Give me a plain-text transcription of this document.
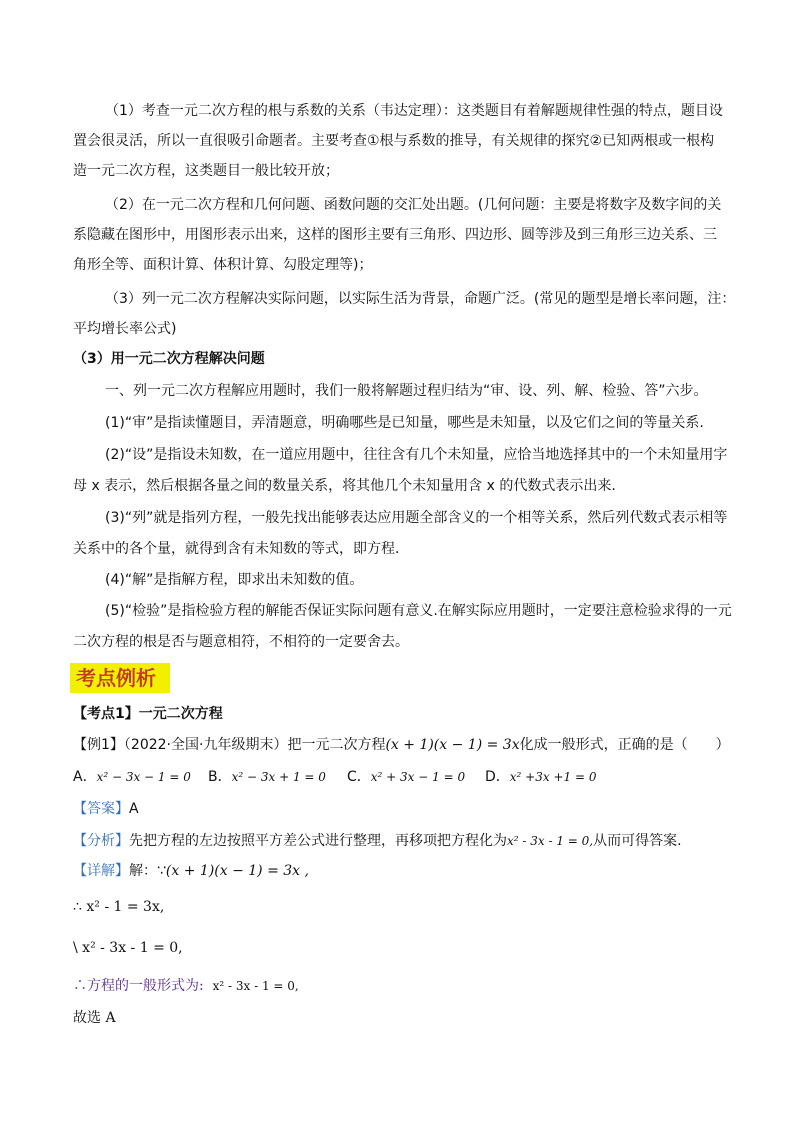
（1）考查一元二次方程的根与系数的关系（韦达定理）：这类题目有着解题规律性强的特点，题目设
置会很灵活，所以一直很吸引命题者。主要考查①根与系数的推导，有关规律的探究②已知两根或一根构
造一元二次方程，这类题目一般比较开放；
（2）在一元二次方程和几何问题、函数问题的交汇处出题。(几何问题：主要是将数字及数字间的关
系隐藏在图形中，用图形表示出来，这样的图形主要有三角形、四边形、圆等涉及到三角形三边关系、三
角形全等、面积计算、体积计算、勾股定理等)；
（3）列一元二次方程解决实际问题，以实际生活为背景，命题广泛。(常见的题型是增长率问题，注：
平均增长率公式)
（3）用一元二次方程解决问题
一、列一元二次方程解应用题时，我们一般将解题过程归结为“审、设、列、解、检验、答”六步。
(1)“审”是指读懂题目，弄清题意，明确哪些是已知量，哪些是未知量，以及它们之间的等量关系.
(2)“设”是指设未知数，在一道应用题中，往往含有几个未知量，应恰当地选择其中的一个未知量用字
母 x 表示，然后根据各量之间的数量关系，将其他几个未知量用含 x 的代数式表示出来.
(3)“列”就是指列方程，一般先找出能够表达应用题全部含义的一个相等关系，然后列代数式表示相等
关系中的各个量，就得到含有未知数的等式，即方程.
(4)“解”是指解方程，即求出未知数的值。
(5)“检验”是指检验方程的解能否保证实际问题有意义.在解实际应用题时，一定要注意检验求得的一元
二次方程的根是否与题意相符，不相符的一定要舍去。
考点例析
【考点1】一元二次方程
【例1】（2022·全国·九年级期末）把一元二次方程(x + 1)(x − 1) = 3x化成一般形式，正确的是（　　）
A．x² − 3x − 1 = 0 B．x² − 3x + 1 = 0 C．x² + 3x − 1 = 0 D．x² +3x +1 = 0
【答案】A
【分析】先把方程的左边按照平方差公式进行整理，再移项把方程化为x² - 3x - 1 = 0,从而可得答案.
【详解】解：∵(x + 1)(x − 1) = 3x ,
∴ x² - 1 = 3x,
\ x² - 3x - 1 = 0,
∴方程的一般形式为: x² - 3x - 1 = 0,
故选 A
